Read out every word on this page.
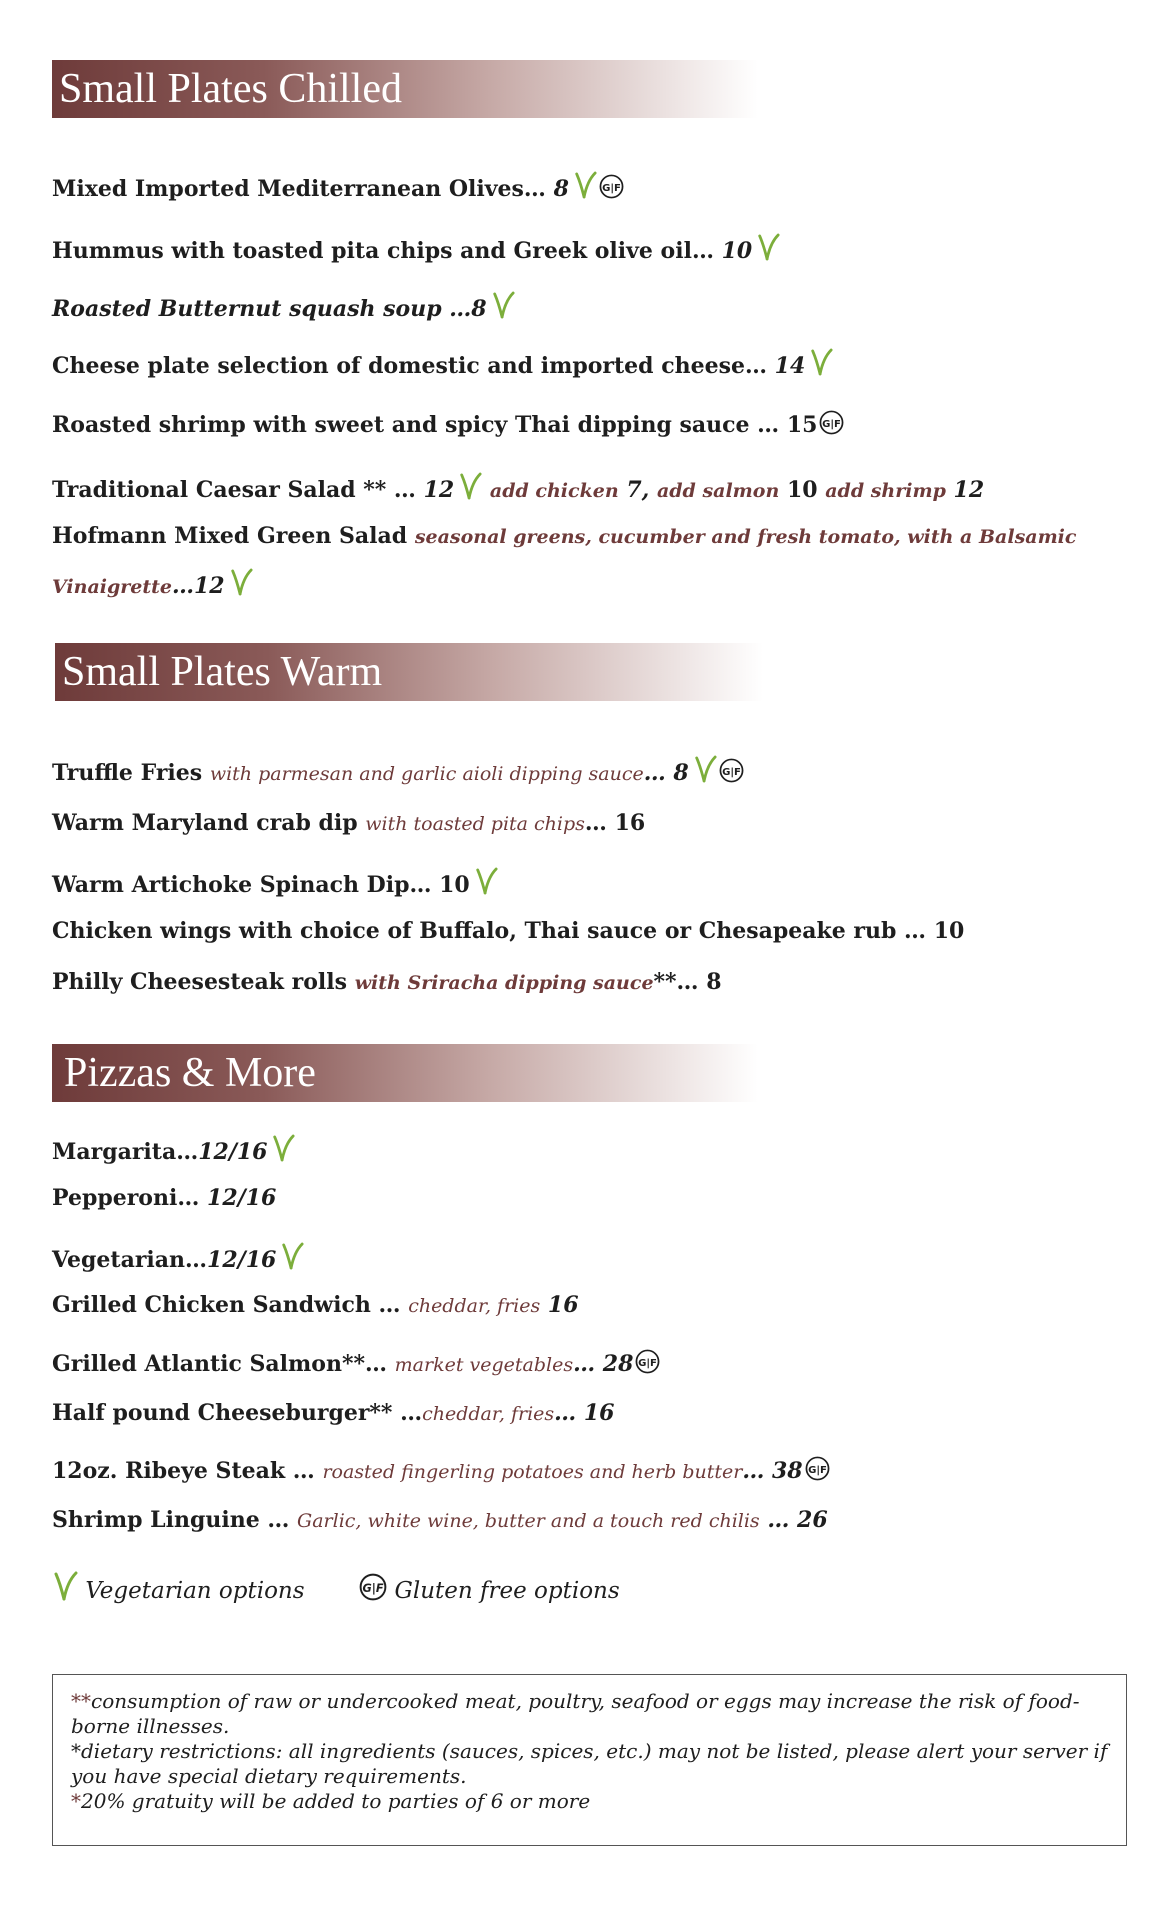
Small Plates Chilled
Mixed Imported Mediterranean Olives… 8
Hummus with toasted pita chips and Greek olive oil… 10
Roasted Butternut squash soup …8
Cheese plate selection of domestic and imported cheese… 14
Roasted shrimp with sweet and spicy Thai dipping sauce … 15
Traditional Caesar Salad ** … 12 add chicken 7, add salmon 10 add shrimp 12
Hofmann Mixed Green Salad seasonal greens, cucumber and fresh tomato, with a Balsamic
Vinaigrette…12
Small Plates Warm
Truffle Fries with parmesan and garlic aioli dipping sauce… 8
Warm Maryland crab dip with toasted pita chips… 16
Warm Artichoke Spinach Dip… 10
Chicken wings with choice of Buffalo, Thai sauce or Chesapeake rub … 10
Philly Cheesesteak rolls with Sriracha dipping sauce**… 8
Pizzas & More
Margarita…12/16
Pepperoni… 12/16
Vegetarian…12/16
Grilled Chicken Sandwich … cheddar, fries 16
Grilled Atlantic Salmon**… market vegetables… 28
Half pound Cheeseburger** …cheddar, fries… 16
12oz. Ribeye Steak … roasted fingerling potatoes and herb butter… 38
Shrimp Linguine … Garlic, white wine, butter and a touch red chilis … 26
Vegetarian options	Gluten free options

**consumption of raw or undercooked meat, poultry, seafood or eggs may increase the risk of food- borne illnesses.

*dietary restrictions: all ingredients (sauces, spices, etc.) may not be listed, please alert your server if you have special dietary requirements.

*20% gratuity will be added to parties of 6 or more
